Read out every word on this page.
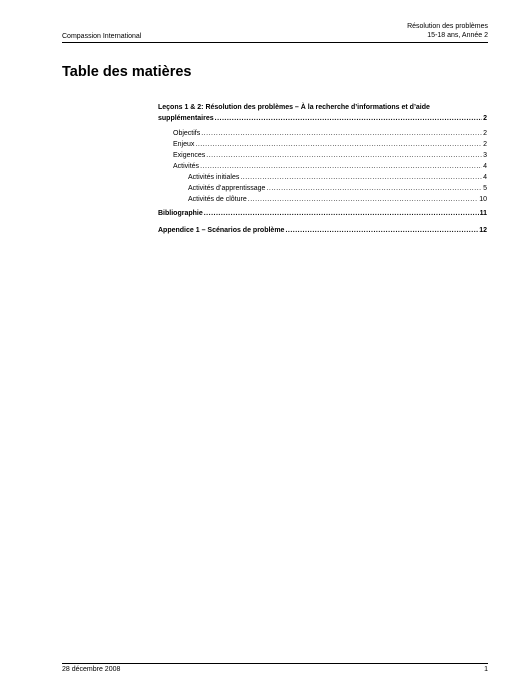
Compassion International
Résolution des problèmes
15-18 ans, Année 2
Table des matières
Leçons 1 & 2: Résolution des problèmes – À la recherche d’informations et d’aide
supplémentaires .....	2
Objectifs .....	2
Enjeux .....	2
Exigences .....	3
Activités .....	4
Activités initiales .....	4
Activités d’apprentissage .....	5
Activités de clôture .....	10
Bibliographie .....	11
Appendice 1 – Scénarios de problème .....	12
28 décembre 2008	1
